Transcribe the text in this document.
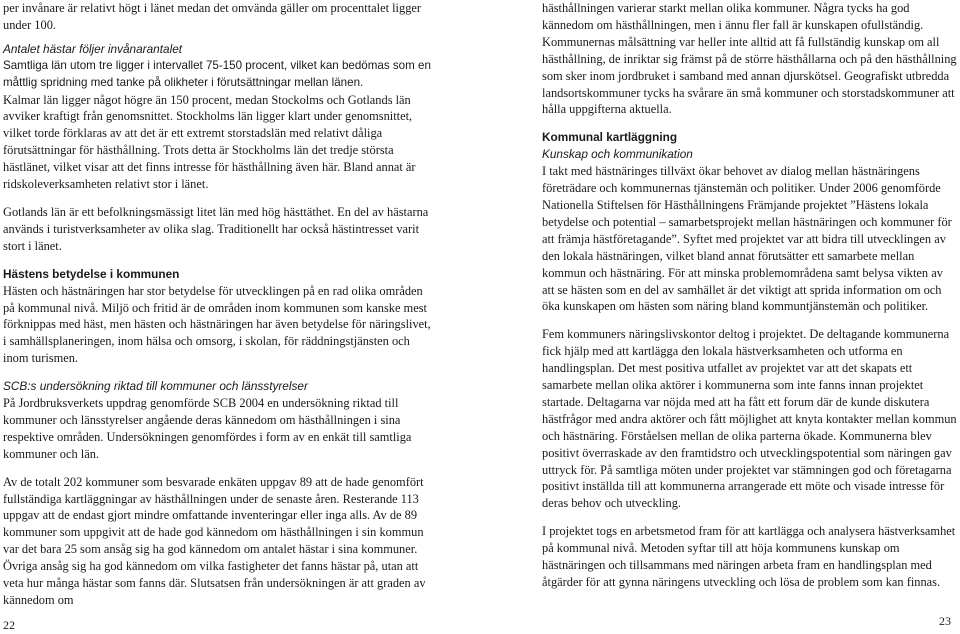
per invånare är relativt högt i länet medan det omvända gäller om procenttalet ligger under 100.

Antalet hästar följer invånarantalet

Samtliga län utom tre ligger i intervallet 75-150 procent, vilket kan bedömas som en måttlig spridning med tanke på olikheter i förutsättningar mellan länen.

Kalmar län ligger något högre än 150 procent, medan Stockolms och Gotlands län avviker kraftigt från genomsnittet. Stockholms län ligger klart under genomsnittet, vilket torde förklaras av att det är ett extremt storstadslän med relativt dåliga förutsättningar för hästhållning. Trots detta är Stockholms län det tredje största hästlänet, vilket visar att det finns intresse för hästhållning även här. Bland annat är ridskoleverksamheten relativt stor i länet.

Gotlands län är ett befolkningsmässigt litet län med hög hästtäthet. En del av hästarna används i turistverksamheter av olika slag. Traditionellt har också hästintresset varit stort i länet.

Hästens betydelse i kommunen

Hästen och hästnäringen har stor betydelse för utvecklingen på en rad olika områden på kommunal nivå. Miljö och fritid är de områden inom kommunen som kanske mest förknippas med häst, men hästen och hästnäringen har även betydelse för näringslivet, i samhällsplaneringen, inom hälsa och omsorg, i skolan, för räddningstjänsten och inom turismen.

SCB:s undersökning riktad till kommuner och länsstyrelser

På Jordbruksverkets uppdrag genomförde SCB 2004 en undersökning riktad till kommuner och länsstyrelser angående deras kännedom om hästhållningen i sina respektive områden. Undersökningen genomfördes i form av en enkät till samtliga kommuner och län.

Av de totalt 202 kommuner som besvarade enkäten uppgav 89 att de hade genomfört fullständiga kartläggningar av hästhållningen under de senaste åren. Resterande 113 uppgav att de endast gjort mindre omfattande inventeringar eller inga alls. Av de 89 kommuner som uppgivit att de hade god kännedom om hästhållningen i sin kommun var det bara 25 som ansåg sig ha god kännedom om antalet hästar i sina kommuner. Övriga ansåg sig ha god kännedom om vilka fastigheter det fanns hästar på, utan att veta hur många hästar som fanns där. Slutsatsen från undersökningen är att graden av kännedom om

hästhållningen varierar starkt mellan olika kommuner. Några tycks ha god kännedom om hästhållningen, men i ännu fler fall är kunskapen ofullständig. Kommunernas målsättning var heller inte alltid att få fullständig kunskap om all hästhållning, de inriktar sig främst på de större hästhållarna och på den hästhållning som sker inom jordbruket i samband med annan djurskötsel. Geografiskt utbredda landsortskommuner tycks ha svårare än små kommuner och storstadskommuner att hålla uppgifterna aktuella.

Kommunal kartläggning

Kunskap och kommunikation

I takt med hästnäringes tillväxt ökar behovet av dialog mellan hästnäringens företrädare och kommunernas tjänstemän och politiker. Under 2006 genomförde Nationella Stiftelsen för Hästhållningens Främjande projektet ”Hästens lokala betydelse och potential – samarbetsprojekt mellan hästnäringen och kommuner för att främja hästföretagande”. Syftet med projektet var att bidra till utvecklingen av den lokala hästnäringen, vilket bland annat förutsätter ett samarbete mellan kommun och hästnäring. För att minska problemområdena samt belysa vikten av att se hästen som en del av samhället är det viktigt att sprida information om och öka kunskapen om hästen som näring bland kommuntjänstemän och politiker.

Fem kommuners näringslivskontor deltog i projektet. De deltagande kommunerna fick hjälp med att kartlägga den lokala hästverksamheten och utforma en handlingsplan. Det mest positiva utfallet av projektet var att det skapats ett samarbete mellan olika aktörer i kommunerna som inte fanns innan projektet startade. Deltagarna var nöjda med att ha fått ett forum där de kunde diskutera hästfrågor med andra aktörer och fått möjlighet att knyta kontakter mellan kommun och hästnäring. Förståelsen mellan de olika parterna ökade. Kommunerna blev positivt överraskade av den framtidstro och utvecklingspotential som näringen gav uttryck för. På samtliga möten under projektet var stämningen god och företagarna positivt inställda till att kommunerna arrangerade ett möte och visade intresse för deras behov och utveckling.

I projektet togs en arbetsmetod fram för att kartlägga och analysera hästverksamhet på kommunal nivå. Metoden syftar till att höja kommunens kunskap om hästnäringen och tillsammans med näringen arbeta fram en handlingsplan med åtgärder för att gynna näringens utveckling och lösa de problem som kan finnas.

22	23
